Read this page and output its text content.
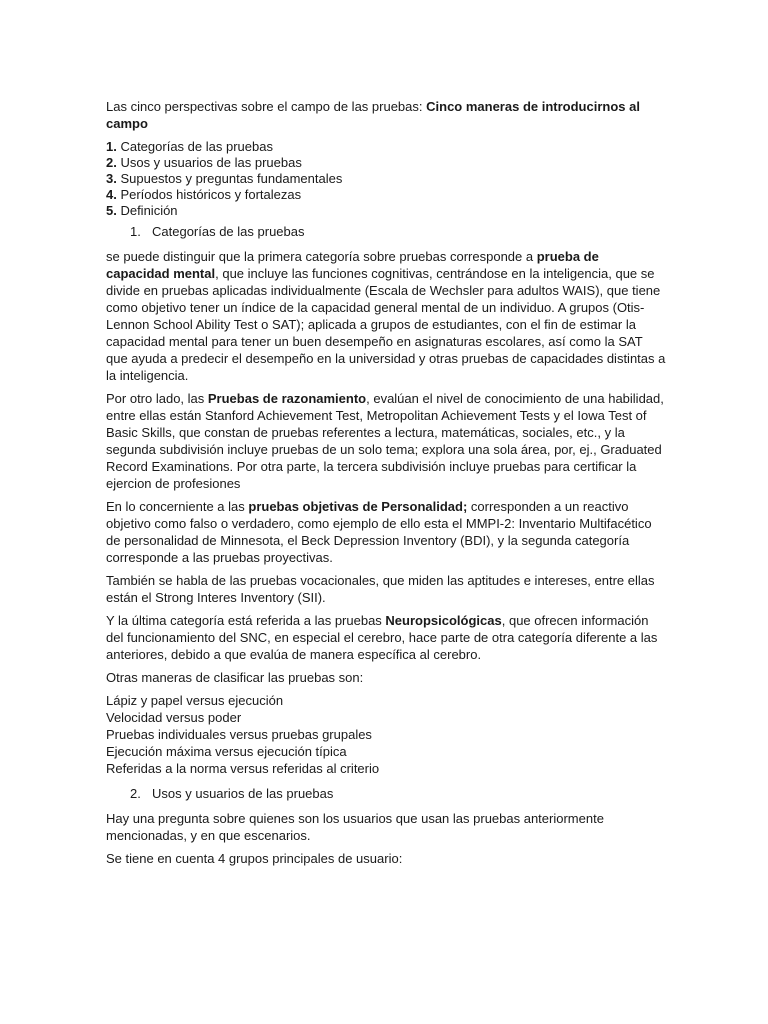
Las cinco perspectivas sobre el campo de las pruebas: Cinco maneras de introducirnos al campo

1. Categorías de las pruebas
2. Usos y usuarios de las pruebas
3. Supuestos y preguntas fundamentales
4. Períodos históricos y fortalezas
5. Definición
1. Categorías de las pruebas

se puede distinguir que la primera categoría sobre pruebas corresponde a prueba de capacidad mental, que incluye las funciones cognitivas, centrándose en la inteligencia, que se divide en pruebas aplicadas individualmente (Escala de Wechsler para adultos WAIS), que tiene como objetivo tener un índice de la capacidad general mental de un individuo. A grupos (Otis-Lennon School Ability Test o SAT); aplicada a grupos de estudiantes, con el fin de estimar la capacidad mental para tener un buen desempeño en asignaturas escolares, así como la SAT que ayuda a predecir el desempeño en la universidad y otras pruebas de capacidades distintas a la inteligencia.

Por otro lado, las Pruebas de razonamiento, evalúan el nivel de conocimiento de una habilidad, entre ellas están Stanford Achievement Test, Metropolitan Achievement Tests y el Iowa Test of Basic Skills, que constan de pruebas referentes a lectura, matemáticas, sociales, etc., y la segunda subdivisión incluye pruebas de un solo tema; explora una sola área, por, ej., Graduated Record Examinations. Por otra parte, la tercera subdivisión incluye pruebas para certificar la ejercion de profesiones

En lo concerniente a las pruebas objetivas de Personalidad; corresponden a un reactivo objetivo como falso o verdadero, como ejemplo de ello esta el MMPI-2: Inventario Multifacético de personalidad de Minnesota, el Beck Depression Inventory (BDI), y la segunda categoría corresponde a las pruebas proyectivas.

También se habla de las pruebas vocacionales, que miden las aptitudes e intereses, entre ellas están el Strong Interes Inventory (SII).

Y la última categoría está referida a las pruebas Neuropsicológicas, que ofrecen información del funcionamiento del SNC, en especial el cerebro, hace parte de otra categoría diferente a las anteriores, debido a que evalúa de manera específica al cerebro.

Otras maneras de clasificar las pruebas son:

Lápiz y papel versus ejecución
Velocidad versus poder
Pruebas individuales versus pruebas grupales
Ejecución máxima versus ejecución típica
Referidas a la norma versus referidas al criterio
2. Usos y usuarios de las pruebas

Hay una pregunta sobre quienes son los usuarios que usan las pruebas anteriormente mencionadas, y en que escenarios.

Se tiene en cuenta 4 grupos principales de usuario:
